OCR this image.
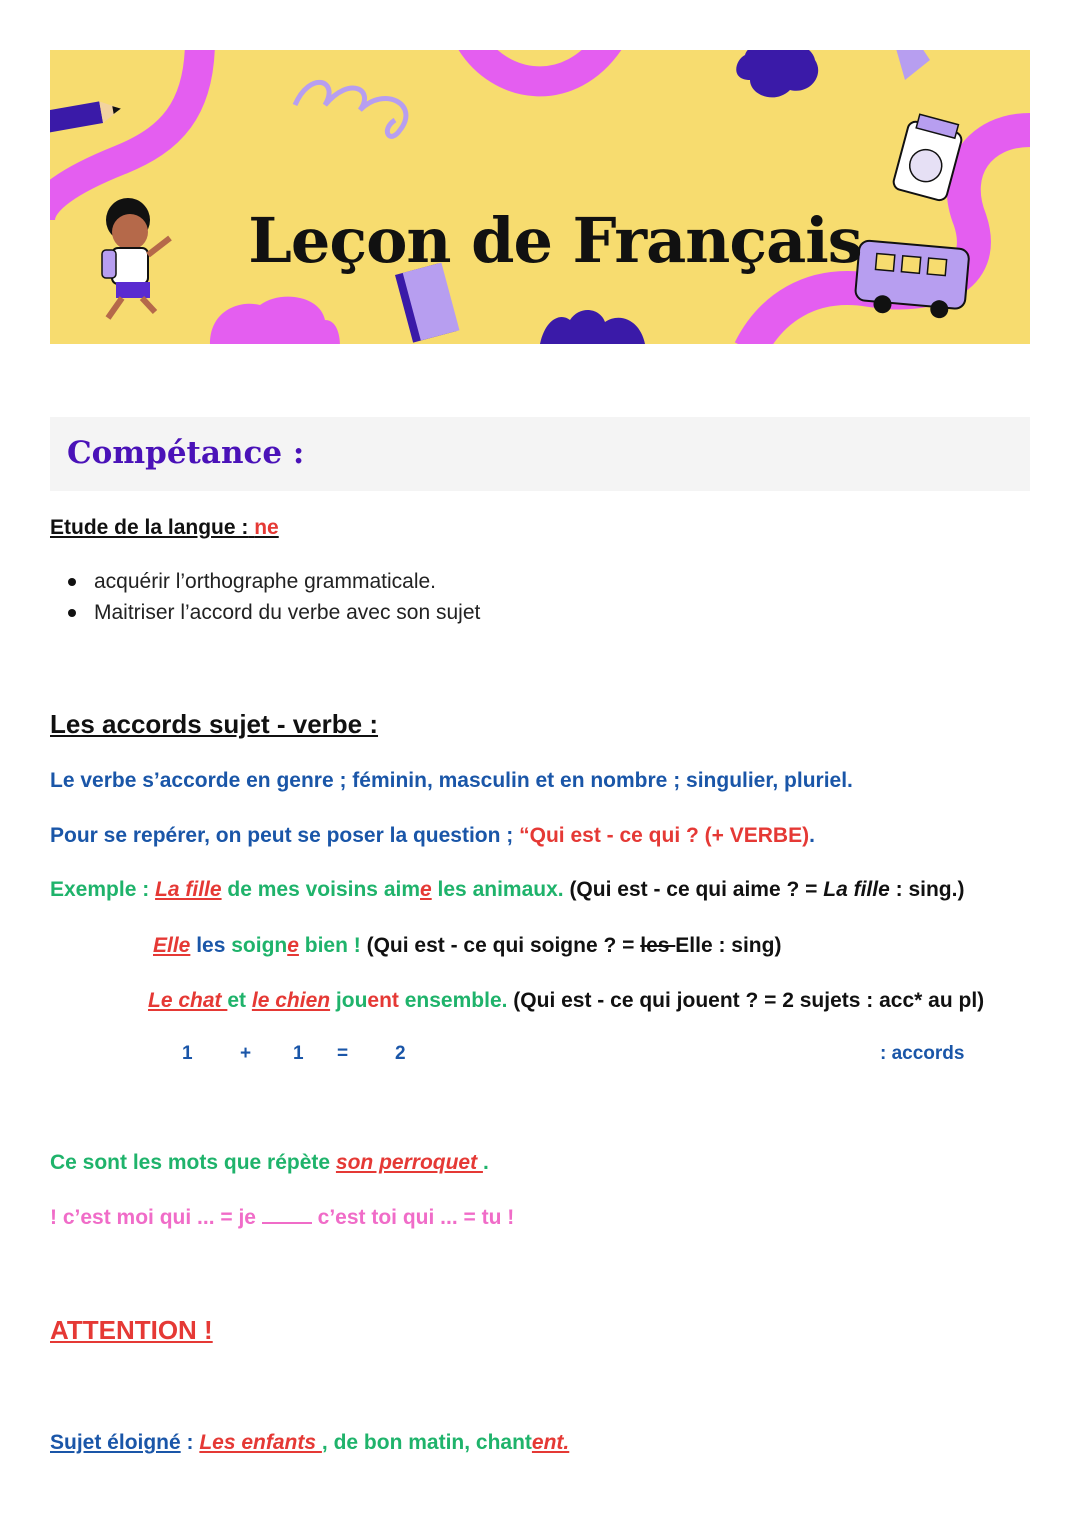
Leçon de Français
Compétance :
Etude de la langue : ne
acquérir l’orthographe grammaticale.
Maitriser l’accord du verbe avec son sujet
Les accords sujet - verbe :
Le verbe s’accorde en genre ; féminin, masculin et en nombre ; singulier, pluriel.
Pour se repérer, on peut se poser la question ; “Qui est - ce qui ? (+ VERBE).
Exemple : La fille de mes voisins aime les animaux. (Qui est - ce qui aime ? = La fille : sing.)
Elle les soigne bien ! (Qui est - ce qui soigne ? = les Elle : sing)
Le chat et le chien jouent ensemble. (Qui est - ce qui jouent ? = 2 sujets : acc* au pl)
1 + 1 = 2	: accords
Ce sont les mots que répète son perroquet .
! c’est moi qui ... = je  c’est toi qui ... = tu !
ATTENTION !
Sujet éloigné : Les enfants , de bon matin, chantent.
